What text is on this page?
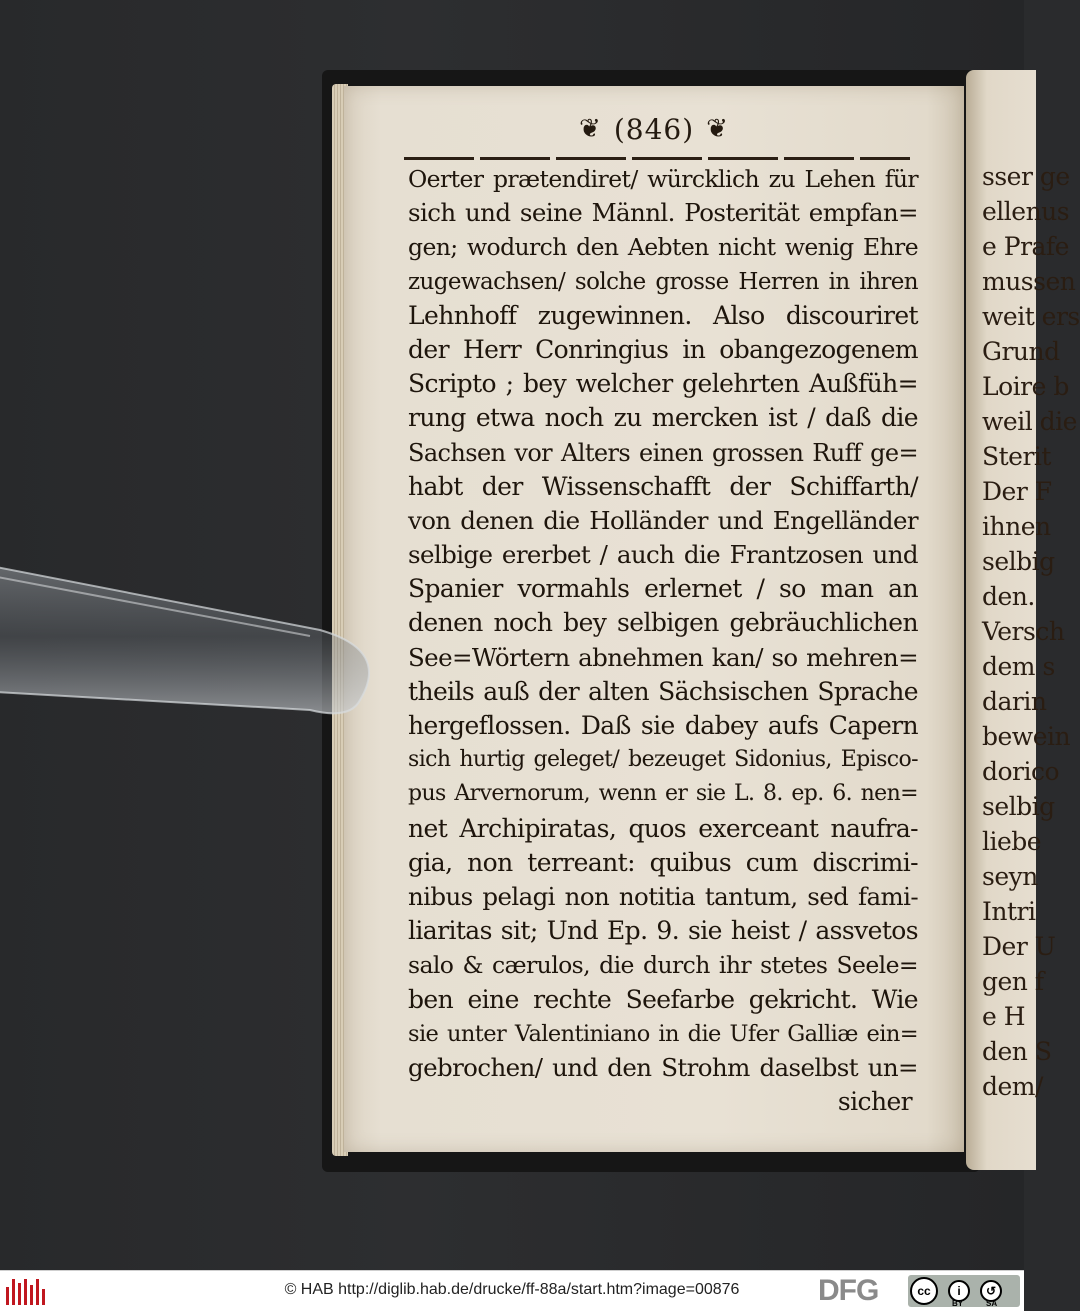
❦ (846) ❦
Oerter prætendiret/ würcklich zu Lehen für
sich und seine Männl. Posterität empfan=
gen; wodurch den Aebten nicht wenig Ehre
zugewachsen/ solche grosse Herren in ihren
Lehnhoff zugewinnen. Also discouriret
der Herr Conringius in obangezogenem
Scripto ; bey welcher gelehrten Außfüh=
rung etwa noch zu mercken ist / daß die
Sachsen vor Alters einen grossen Ruff ge=
habt der Wissenschafft der Schiffarth/
von denen die Holländer und Engelländer
selbige ererbet / auch die Frantzosen und
Spanier vormahls erlernet / so man an
denen noch bey selbigen gebräuchlichen
See=Wörtern abnehmen kan/ so mehren=
theils auß der alten Sächsischen Sprache
hergeflossen. Daß sie dabey aufs Capern
sich hurtig geleget/ bezeuget Sidonius, Episco-
pus Arvernorum, wenn er sie L. 8. ep. 6. nen=
net Archipiratas, quos exerceant naufra-
gia, non terreant: quibus cum discrimi-
nibus pelagi non notitia tantum, sed fami-
liaritas sit; Und Ep. 9. sie heist / assvetos
salo & cærulos, die durch ihr stetes Seele=
ben eine rechte Seefarbe gekricht. Wie
sie unter Valentiniano in die Ufer Galliæ ein=
gebrochen/ und den Strohm daselbst un=
sicher
sser ge
ellenus
e Prafe
mussen
weit ers
Grund
Loire b
weil die
Sterit
Der F
ihnen
selbig
den.
Versch
dem s
darin
bewein
dorico
selbig
liebe
seyn
Intri
Der U
gen f
e H
den S
dem/
© HAB http://diglib.hab.de/drucke/ff-88a/start.htm?image=00876	DFG	cc	i	↺
BY	SA
